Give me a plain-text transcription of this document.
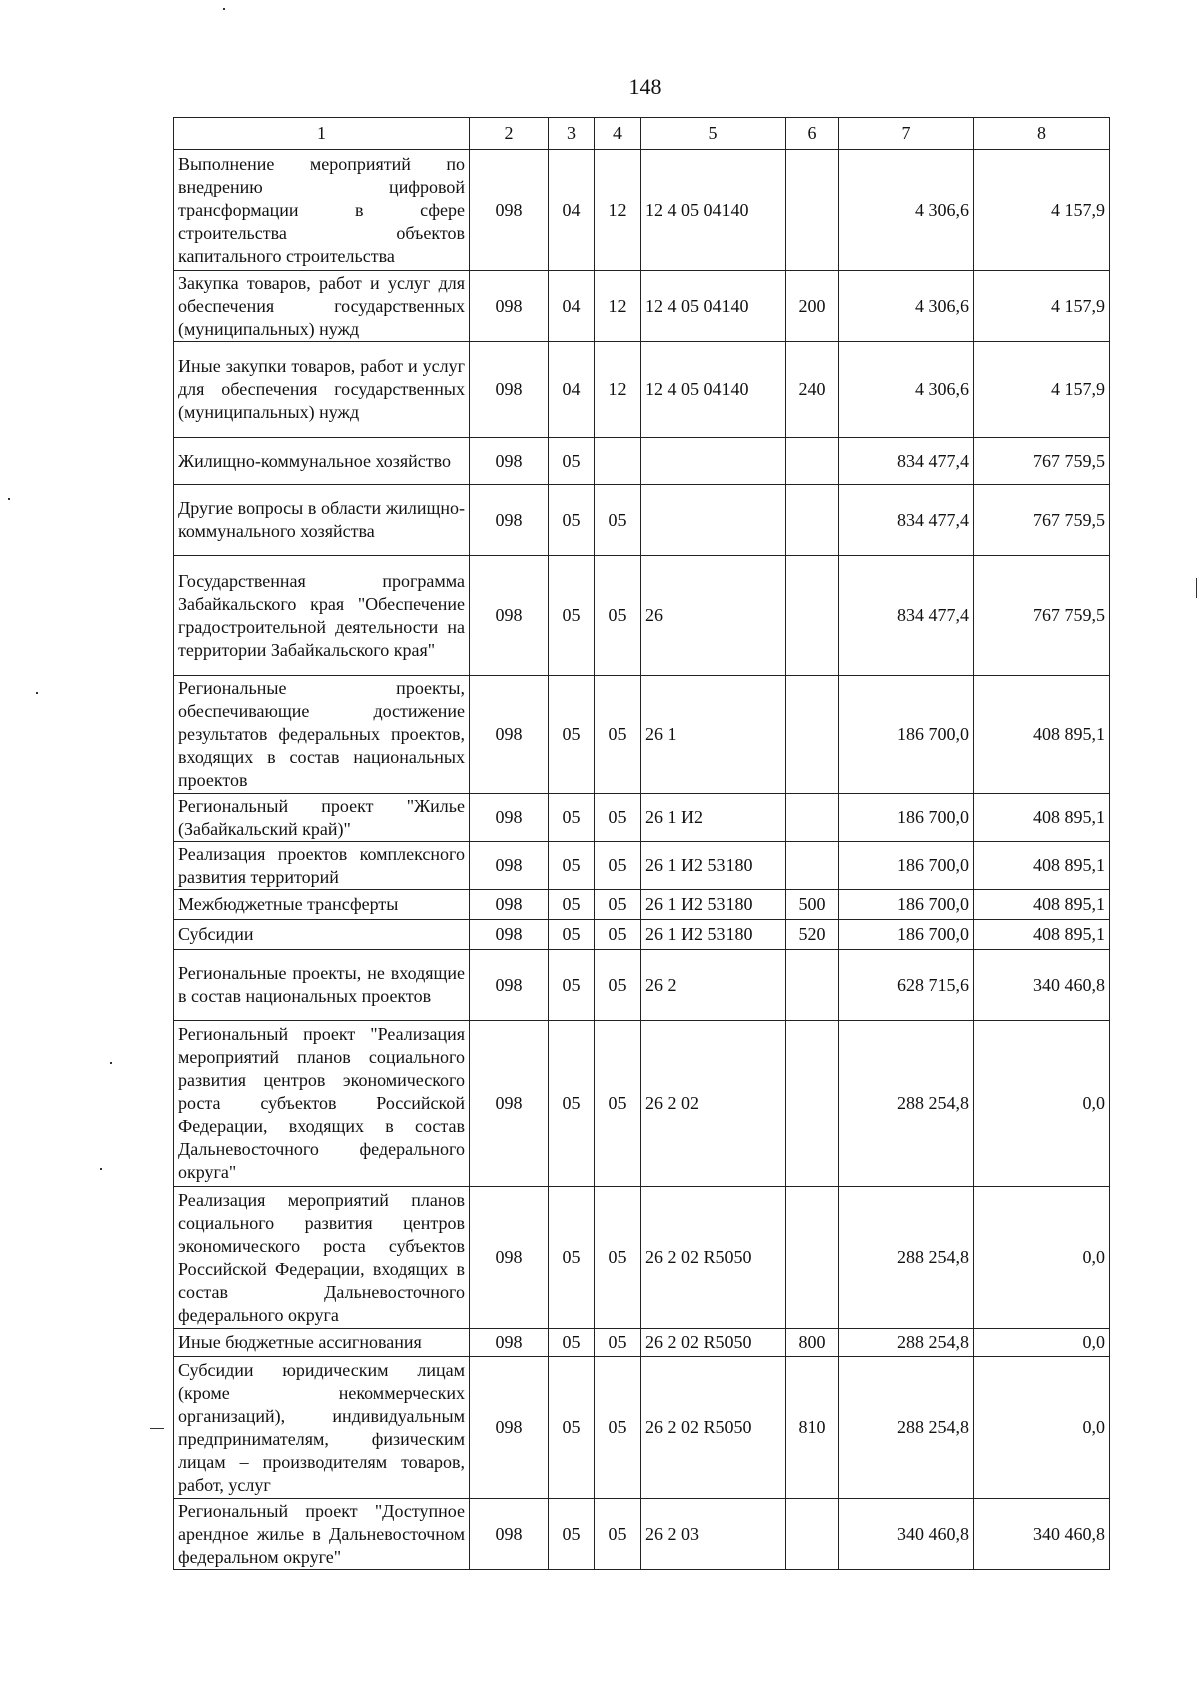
148
1	2	3	4	5	6	7	8
Выполнение мероприятий по внедрению цифровой трансформации в сфере строительства объектов капитального строительства	098	04	12	12 4 05 04140		4 306,6	4 157,9
Закупка товаров, работ и услуг для обеспечения государственных (муниципальных) нужд	098	04	12	12 4 05 04140	200	4 306,6	4 157,9
Иные закупки товаров, работ и услуг для обеспечения государственных (муниципальных) нужд	098	04	12	12 4 05 04140	240	4 306,6	4 157,9
Жилищно-коммунальное хозяйство	098	05				834 477,4	767 759,5
Другие вопросы в области жилищно-коммунального хозяйства	098	05	05			834 477,4	767 759,5
Государственная программа Забайкальского края "Обеспечение градостроительной деятельности на территории Забайкальского края"	098	05	05	26		834 477,4	767 759,5
Региональные проекты, обеспечивающие достижение результатов федеральных проектов, входящих в состав национальных проектов	098	05	05	26 1		186 700,0	408 895,1
Региональный проект "Жилье (Забайкальский край)"	098	05	05	26 1 И2		186 700,0	408 895,1
Реализация проектов комплексного развития территорий	098	05	05	26 1 И2 53180		186 700,0	408 895,1
Межбюджетные трансферты	098	05	05	26 1 И2 53180	500	186 700,0	408 895,1
Субсидии	098	05	05	26 1 И2 53180	520	186 700,0	408 895,1
Региональные проекты, не входящие в состав национальных проектов	098	05	05	26 2		628 715,6	340 460,8
Региональный проект "Реализация мероприятий планов социального развития центров экономического роста субъектов Российской Федерации, входящих в состав Дальневосточного федерального округа"	098	05	05	26 2 02		288 254,8	0,0
Реализация мероприятий планов социального развития центров экономического роста субъектов Российской Федерации, входящих в состав Дальневосточного федерального округа	098	05	05	26 2 02 R5050		288 254,8	0,0
Иные бюджетные ассигнования	098	05	05	26 2 02 R5050	800	288 254,8	0,0
Субсидии юридическим лицам (кроме некоммерческих организаций), индивидуальным предпринимателям, физическим лицам – производителям товаров, работ, услуг	098	05	05	26 2 02 R5050	810	288 254,8	0,0
Региональный проект "Доступное арендное жилье в Дальневосточном федеральном округе"	098	05	05	26 2 03		340 460,8	340 460,8
